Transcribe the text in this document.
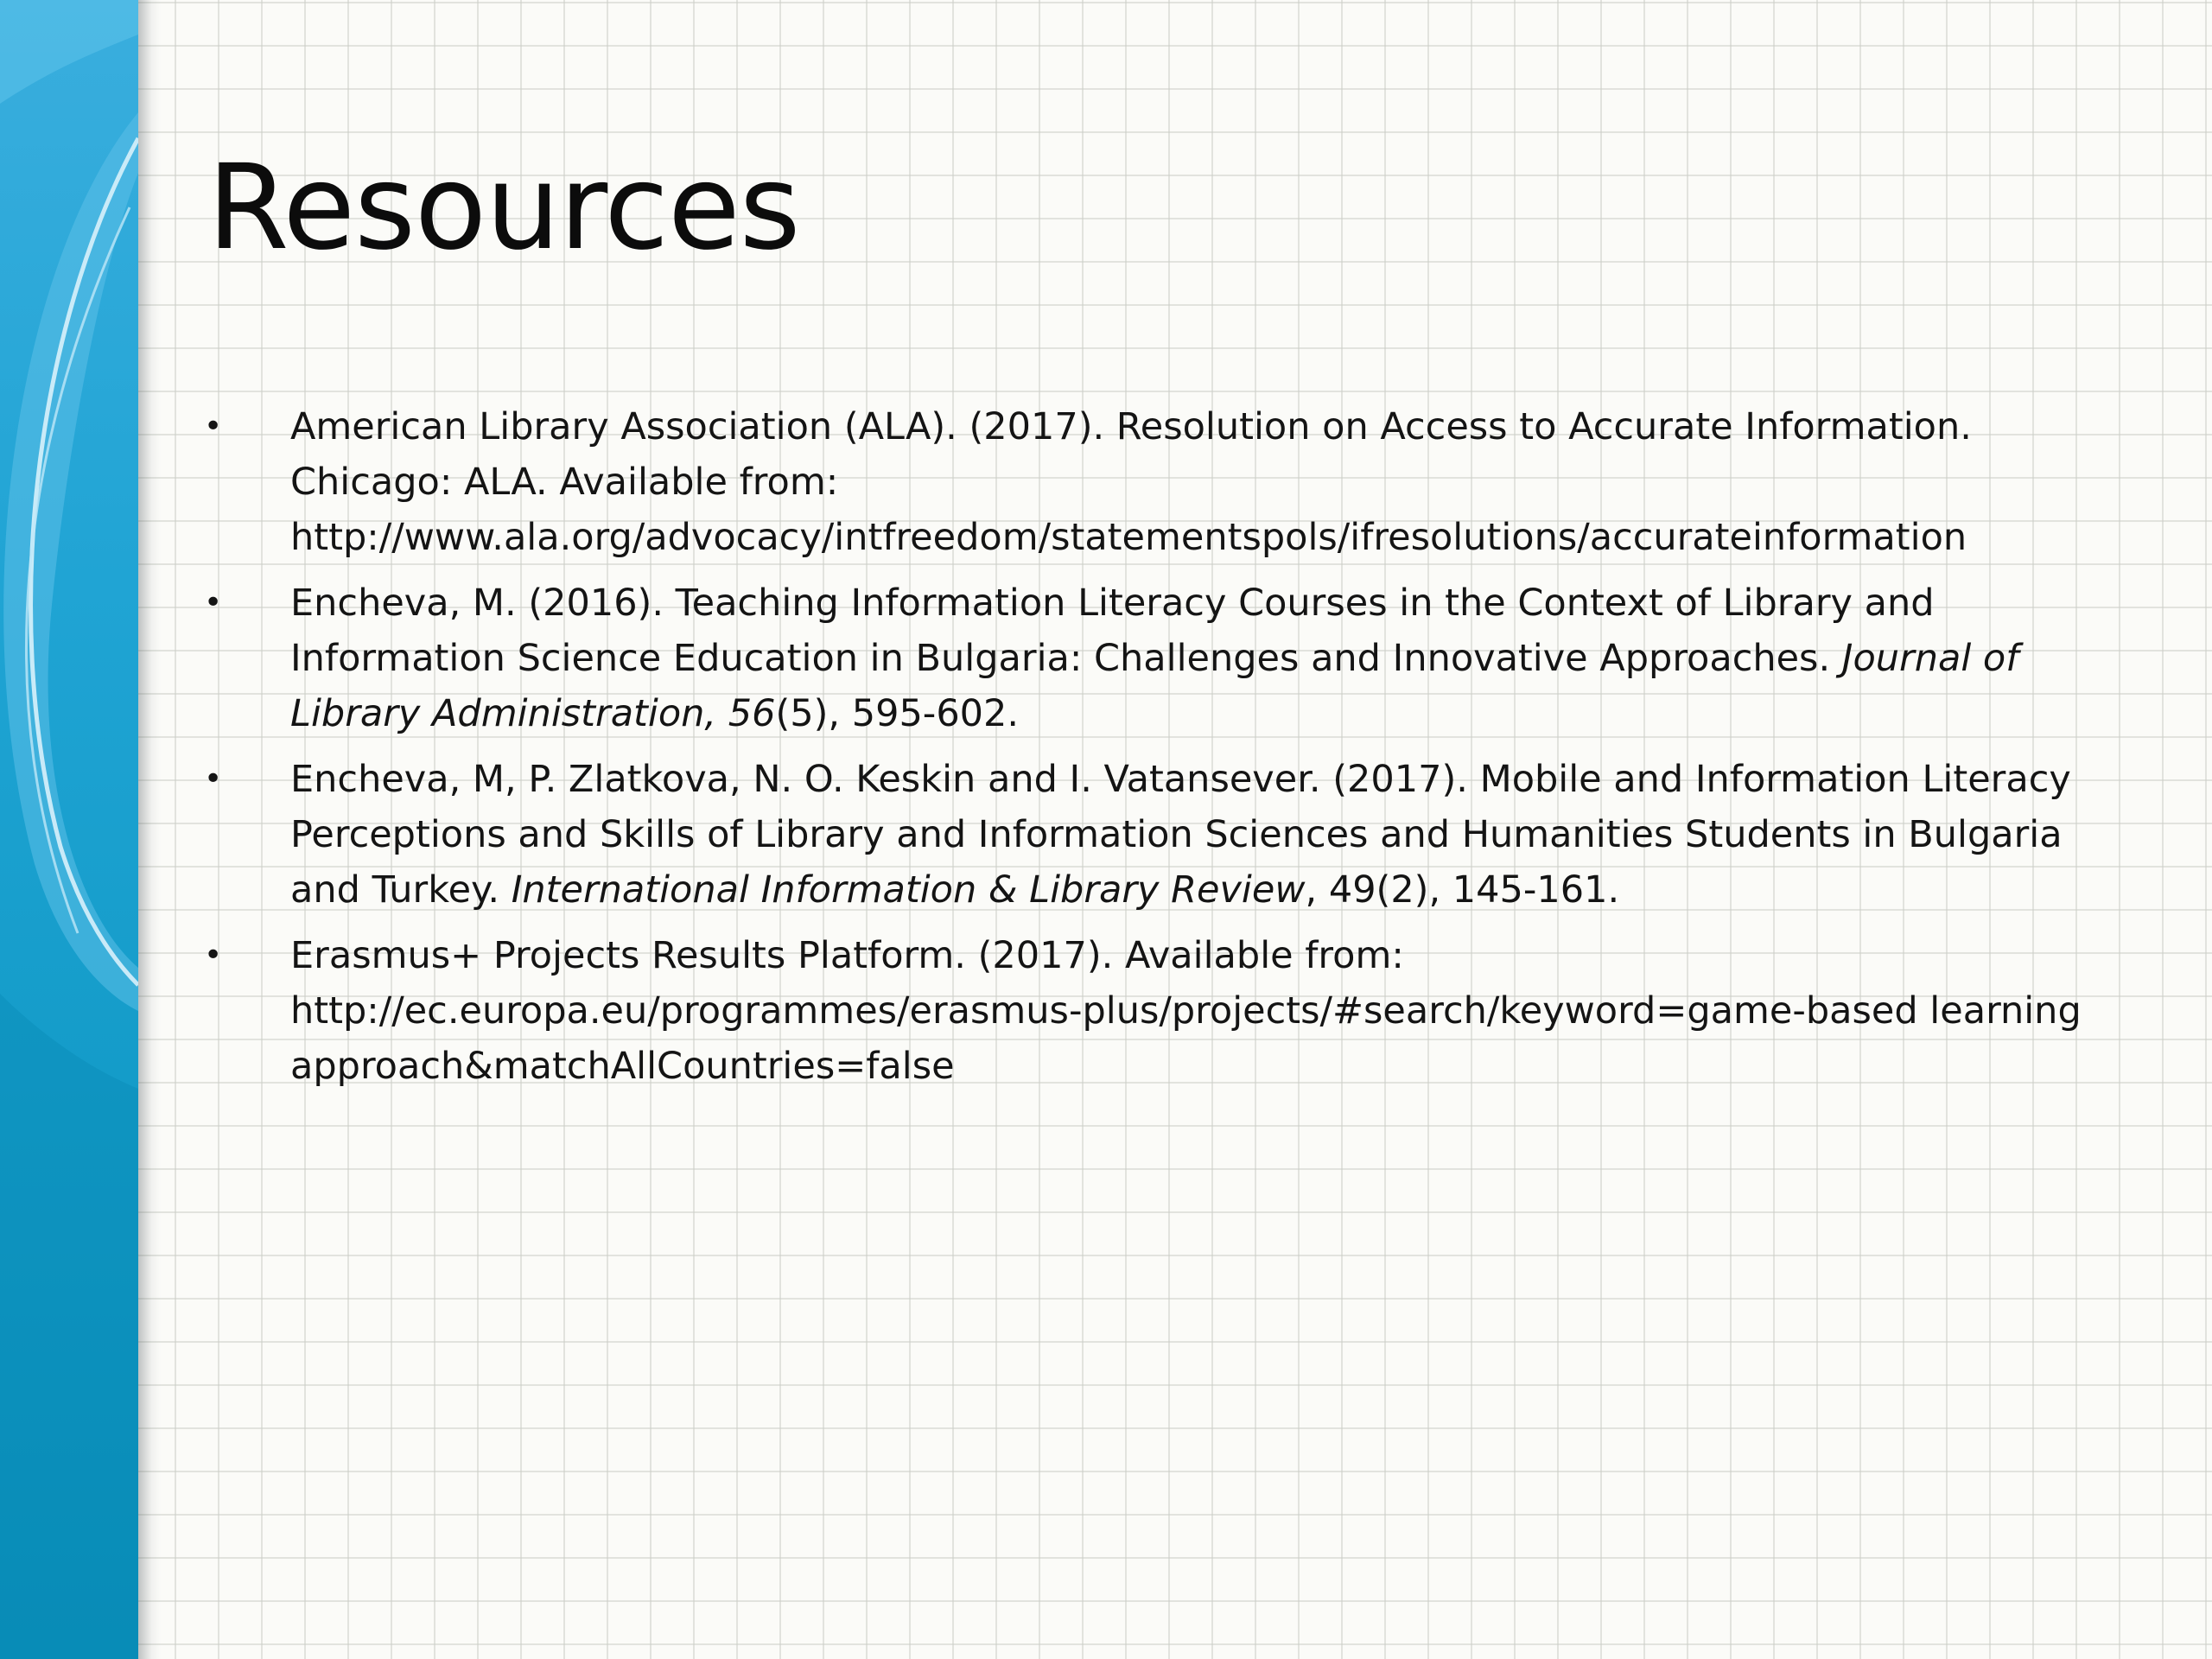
Resources
•	American Library Association (ALA). (2017). Resolution on Access to Accurate Information.
Chicago: ALA. Available from:
http://www.ala.org/advocacy/intfreedom/statementspols/ifresolutions/accurateinformation
•	Encheva, M. (2016). Teaching Information Literacy Courses in the Context of Library and
Information Science Education in Bulgaria: Challenges and Innovative Approaches. Journal of
Library Administration, 56(5), 595-602.
•	Encheva, M, P. Zlatkova, N. O. Keskin and I. Vatansever. (2017). Mobile and Information Literacy
Perceptions and Skills of Library and Information Sciences and Humanities Students in Bulgaria
and Turkey. International Information & Library Review, 49(2), 145-161.
•	Erasmus+ Projects Results Platform. (2017). Available from:
http://ec.europa.eu/programmes/erasmus-plus/projects/#search/keyword=game-based learning
approach&matchAllCountries=false
